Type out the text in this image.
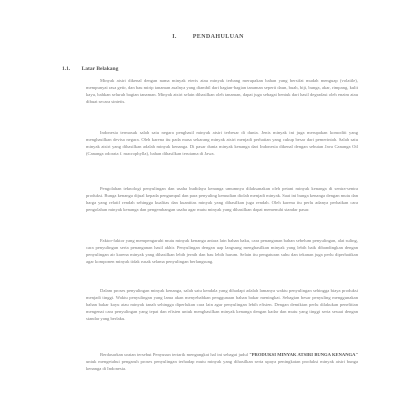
I.	PENDAHULUAN
1.1. Latar Belakang

Minyak atsiri dikenal dengan nama minyak eteris atau minyak terbang merupakan bahan yang bersifat mudah menguap (volatile), mempunyai rasa getir, dan bau mirip tanaman asalnya yang diambil dari bagian-bagian tanaman seperti daun, buah, biji, bunga, akar, rimpang, kulit kayu, bahkan seluruh bagian tanaman. Minyak atsiri selain dihasilkan oleh tanaman, dapat juga sebagai bentuk dari hasil degradasi oleh enzim atau dibuat secara sintetis.

Indonesia termasuk salah satu negara penghasil minyak atsiri terbesar di dunia. Jenis minyak ini juga merupakan komoditi yang menghasilkan devisa negara. Oleh karena itu pada masa sekarang minyak atsiri menjadi perhatian yang cukup besar dari pemerintah. Salah satu minyak atsiri yang dihasilkan adalah minyak kenanga. Di pasar dunia minyak kenanga dari Indonesia dikenal dengan sebutan Java Cananga Oil (Cananga odorata f. macrophylla), bahan dihasilkan terutama di Jawa.

Pengolahan teknologi penyulingan dan usaha budidaya kenanga umumnya dilaksanakan oleh petani minyak kenanga di sentra-sentra produksi. Bunga kenanga dijual kepada pengumpul dan para penyuling kemudian diolah menjadi minyak. Saat ini bunga kenanga dengan mutu dan harga yang relatif rendah sehingga kualitas dan kuantitas minyak yang dihasilkan juga rendah. Oleh karena itu perlu adanya perbaikan cara pengolahan minyak kenanga dan pengembangan usaha agar mutu minyak yang dihasilkan dapat memenuhi standar pasar.

Faktor-faktor yang mempengaruhi mutu minyak kenanga antara lain bahan baku, cara penanganan bahan sebelum penyulingan, alat suling, cara penyulingan serta penanganan hasil akhir. Penyulingan dengan uap langsung menghasilkan minyak yang lebih baik dibandingkan dengan penyulingan air karena minyak yang dihasilkan lebih jernih dan bau lebih harum. Selain itu pengaturan suhu dan tekanan juga perlu diperhatikan agar komponen minyak tidak rusak selama penyulingan berlangsung.

Dalam proses penyulingan minyak kenanga, salah satu kendala yang dihadapi adalah lamanya waktu penyulingan sehingga biaya produksi menjadi tinggi. Waktu penyulingan yang lama akan menyebabkan penggunaan bahan bakar meningkat. Sebagian besar penyuling menggunakan bahan bakar kayu atau minyak tanah sehingga diperlukan cara lain agar penyulingan lebih efisien. Dengan demikian perlu dilakukan penelitian mengenai cara penyulingan yang tepat dan efisien untuk menghasilkan minyak kenanga dengan kadar dan mutu yang tinggi serta sesuai dengan standar yang berlaku.

Berdasarkan uraian tersebut Penyusun tertarik mengangkat hal ini sebagai judul "PRODUKSI MINYAK ATSIRI BUNGA KENANGA" untuk mengetahui pengaruh proses penyulingan terhadap mutu minyak yang dihasilkan serta upaya peningkatan produksi minyak atsiri bunga kenanga di Indonesia.
